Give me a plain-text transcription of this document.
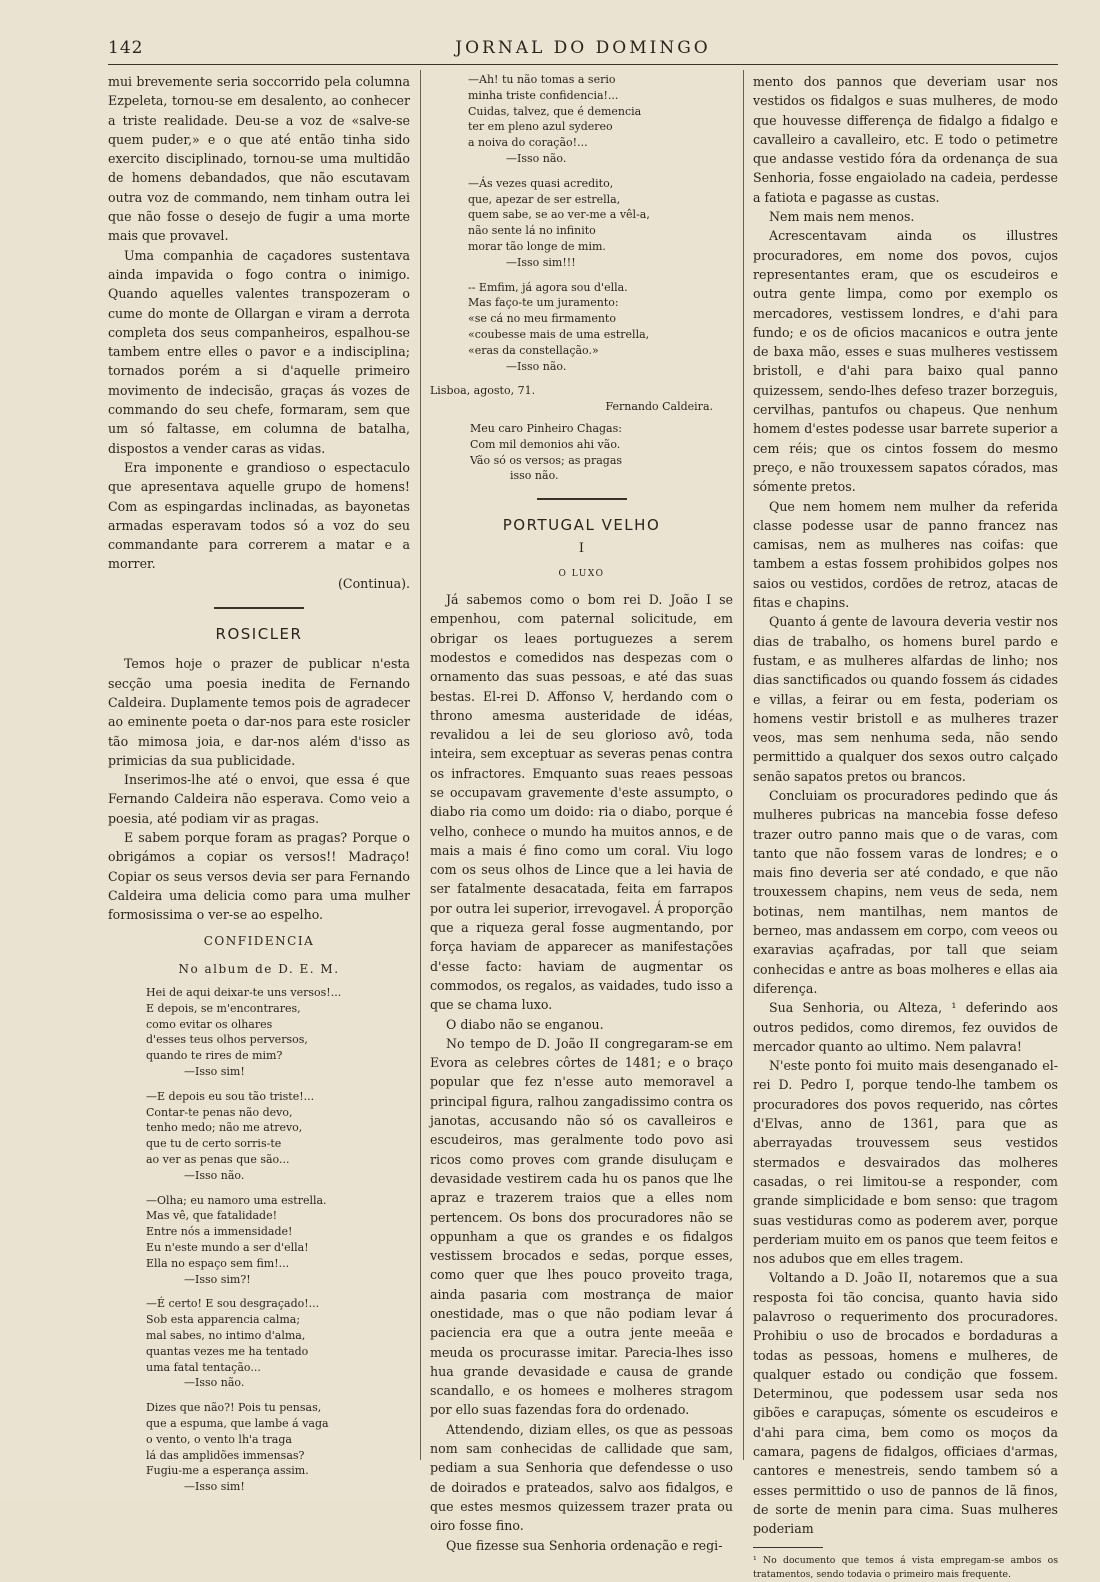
142	JORNAL DO DOMINGO

mui brevemente seria soccorrido pela columna Ezpeleta, tornou-se em desalento, ao conhecer a triste realidade. Deu-se a voz de «salve-se quem puder,» e o que até então tinha sido exercito disciplinado, tornou-se uma multidão de homens debandados, que não escutavam outra voz de commando, nem tinham outra lei que não fosse o desejo de fugir a uma morte mais que provavel.

Uma companhia de caçadores sustentava ainda impavida o fogo contra o inimigo. Quando aquelles valentes transpozeram o cume do monte de Ollargan e viram a derrota completa dos seus companheiros, espalhou-se tambem entre elles o pavor e a indisciplina; tornados porém a si d'aquelle primeiro movimento de indecisão, graças ás vozes de commando do seu chefe, formaram, sem que um só faltasse, em columna de batalha, dispostos a vender caras as vidas.

Era imponente e grandioso o espectaculo que apresentava aquelle grupo de homens! Com as espingardas inclinadas, as bayonetas armadas esperavam todos só a voz do seu commandante para correrem a matar e a morrer.

(Continua).

ROSICLER

Temos hoje o prazer de publicar n'esta secção uma poesia inedita de Fernando Caldeira. Duplamente temos pois de agradecer ao eminente poeta o dar-nos para este rosicler tão mimosa joia, e dar-nos além d'isso as primicias da sua publicidade.

Inserimos-lhe até o envoi, que essa é que Fernando Caldeira não esperava. Como veio a poesia, até podiam vir as pragas.

E sabem porque foram as pragas? Porque o obrigámos a copiar os versos!! Madraço! Copiar os seus versos devia ser para Fernando Caldeira uma delicia como para uma mulher formosissima o ver-se ao espelho.

CONFIDENCIA
No album de D. E. M.
Hei de aqui deixar-te uns versos!...
E depois, se m'encontrares,
como evitar os olhares
d'esses teus olhos perversos,
quando te rires de mim?
—Isso sim!
—E depois eu sou tão triste!...
Contar-te penas não devo,
tenho medo; não me atrevo,
que tu de certo sorris-te
ao ver as penas que são...
—Isso não.
—Olha; eu namoro uma estrella.
Mas vê, que fatalidade!
Entre nós a immensidade!
Eu n'este mundo a ser d'ella!
Ella no espaço sem fim!...
—Isso sim?!
—É certo! E sou desgraçado!...
Sob esta apparencia calma;
mal sabes, no intimo d'alma,
quantas vezes me ha tentado
uma fatal tentação...
—Isso não.
Dizes que não?! Pois tu pensas,
que a espuma, que lambe á vaga
o vento, o vento lh'a traga
lá das amplidões immensas?
Fugiu-me a esperança assim.
—Isso sim!
—Ah! tu não tomas a serio
minha triste confidencia!...
Cuidas, talvez, que é demencia
ter em pleno azul sydereo
a noiva do coração!...
—Isso não.
—Ás vezes quasi acredito,
que, apezar de ser estrella,
quem sabe, se ao ver-me a vêl-a,
não sente lá no infinito
morar tão longe de mim.
—Isso sim!!!
-- Emfim, já agora sou d'ella.
Mas faço-te um juramento:
«se cá no meu firmamento
«coubesse mais de uma estrella,
«eras da constellação.»
—Isso não.
Lisboa, agosto, 71.
Fernando Caldeira.
Meu caro Pinheiro Chagas:
Com mil demonios ahi vão.
Vão só os versos; as pragas
isso não.
PORTUGAL VELHO
I
O LUXO

Já sabemos como o bom rei D. João I se empenhou, com paternal solicitude, em obrigar os leaes portuguezes a serem modestos e comedidos nas despezas com o ornamento das suas pessoas, e até das suas bestas. El-rei D. Affonso V, herdando com o throno amesma austeridade de idéas, revalidou a lei de seu glorioso avô, toda inteira, sem exceptuar as severas penas contra os infractores. Emquanto suas reaes pessoas se occupavam gravemente d'este assumpto, o diabo ria como um doido: ria o diabo, porque é velho, conhece o mundo ha muitos annos, e de mais a mais é fino como um coral. Viu logo com os seus olhos de Lince que a lei havia de ser fatalmente desacatada, feita em farrapos por outra lei superior, irrevogavel. Á proporção que a riqueza geral fosse augmentando, por força haviam de apparecer as manifestações d'esse facto: haviam de augmentar os commodos, os regalos, as vaidades, tudo isso a que se chama luxo.

O diabo não se enganou.

No tempo de D. João II congregaram-se em Evora as celebres côrtes de 1481; e o braço popular que fez n'esse auto memoravel a principal figura, ralhou zangadissimo contra os janotas, accusando não só os cavalleiros e escudeiros, mas geralmente todo povo asi ricos como proves com grande disuluçam e devasidade vestirem cada hu os panos que lhe apraz e trazerem traios que a elles nom pertencem. Os bons dos procuradores não se oppunham a que os grandes e os fidalgos vestissem brocados e sedas, porque esses, como quer que lhes pouco proveito traga, ainda pasaria com mostrança de maior onestidade, mas o que não podiam levar á paciencia era que a outra jente meeãa e meuda os procurasse imitar. Parecia-lhes isso hua grande devasidade e causa de grande scandallo, e os homees e molheres stragom por ello suas fazendas fora do ordenado.

Attendendo, diziam elles, os que as pessoas nom sam conhecidas de callidade que sam, pediam a sua Senhoria que defendesse o uso de doirados e prateados, salvo aos fidalgos, e que estes mesmos quizessem trazer prata ou oiro fosse fino.

Que fizesse sua Senhoria ordenação e regi-

mento dos pannos que deveriam usar nos vestidos os fidalgos e suas mulheres, de modo que houvesse differença de fidalgo a fidalgo e cavalleiro a cavalleiro, etc. E todo o petimetre que andasse vestido fóra da ordenança de sua Senhoria, fosse engaiolado na cadeia, perdesse a fatiota e pagasse as custas.

Nem mais nem menos.

Acrescentavam ainda os illustres procuradores, em nome dos povos, cujos representantes eram, que os escudeiros e outra gente limpa, como por exemplo os mercadores, vestissem londres, e d'ahi para fundo; e os de oficios macanicos e outra jente de baxa mão, esses e suas mulheres vestissem bristoll, e d'ahi para baixo qual panno quizessem, sendo-lhes defeso trazer borzeguis, cervilhas, pantufos ou chapeus. Que nenhum homem d'estes podesse usar barrete superior a cem réis; que os cintos fossem do mesmo preço, e não trouxessem sapatos córados, mas sómente pretos.

Que nem homem nem mulher da referida classe podesse usar de panno francez nas camisas, nem as mulheres nas coifas: que tambem a estas fossem prohibidos golpes nos saios ou vestidos, cordões de retroz, atacas de fitas e chapins.

Quanto á gente de lavoura deveria vestir nos dias de trabalho, os homens burel pardo e fustam, e as mulheres alfardas de linho; nos dias sanctificados ou quando fossem ás cidades e villas, a feirar ou em festa, poderiam os homens vestir bristoll e as mulheres trazer veos, mas sem nenhuma seda, não sendo permittido a qualquer dos sexos outro calçado senão sapatos pretos ou brancos.

Concluiam os procuradores pedindo que ás mulheres pubricas na mancebia fosse defeso trazer outro panno mais que o de varas, com tanto que não fossem varas de londres; e o mais fino deveria ser até condado, e que não trouxessem chapins, nem veus de seda, nem botinas, nem mantilhas, nem mantos de berneo, mas andassem em corpo, com veeos ou exaravias açafradas, por tall que seiam conhecidas e antre as boas molheres e ellas aia diferença.

Sua Senhoria, ou Alteza, ¹ deferindo aos outros pedidos, como diremos, fez ouvidos de mercador quanto ao ultimo. Nem palavra!

N'este ponto foi muito mais desenganado el-rei D. Pedro I, porque tendo-lhe tambem os procuradores dos povos requerido, nas côrtes d'Elvas, anno de 1361, para que as aberrayadas trouvessem seus vestidos stermados e desvairados das molheres casadas, o rei limitou-se a responder, com grande simplicidade e bom senso: que tragom suas vestiduras como as poderem aver, porque perderiam muito em os panos que teem feitos e nos adubos que em elles tragem.

Voltando a D. João II, notaremos que a sua resposta foi tão concisa, quanto havia sido palavroso o requerimento dos procuradores. Prohibiu o uso de brocados e bordaduras a todas as pessoas, homens e mulheres, de qualquer estado ou condição que fossem. Determinou, que podessem usar seda nos gibões e carapuças, sómente os escudeiros e d'ahi para cima, bem como os moços da camara, pagens de fidalgos, officiaes d'armas, cantores e menestreis, sendo tambem só a esses permittido o uso de pannos de lã finos, de sorte de menin para cima. Suas mulheres poderiam

¹ No documento que temos á vista empregam-se ambos os tratamentos, sendo todavia o primeiro mais frequente.
